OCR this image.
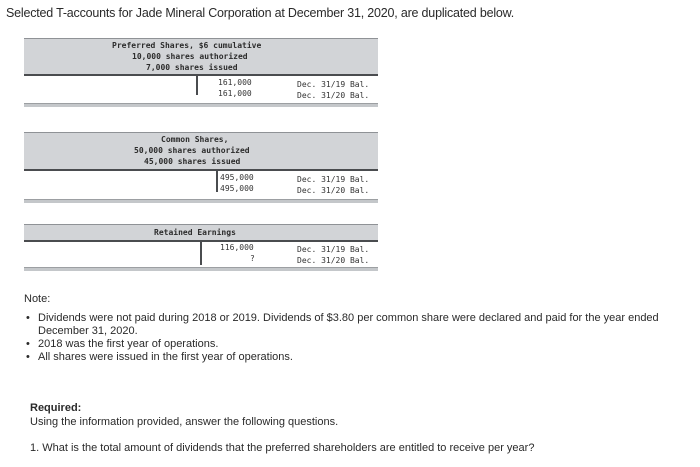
Selected T-accounts for Jade Mineral Corporation at December 31, 2020, are duplicated below.
Preferred Shares, $6 cumulative
10,000 shares authorized
7,000 shares issued
161,000
161,000
Dec. 31/19 Bal.
Dec. 31/20 Bal.
Common Shares,
50,000 shares authorized
45,000 shares issued
495,000
495,000
Dec. 31/19 Bal.
Dec. 31/20 Bal.
Retained Earnings
116,000
?
Dec. 31/19 Bal.
Dec. 31/20 Bal.
Note:
• Dividends were not paid during 2018 or 2019. Dividends of $3.80 per common share were declared and paid for the year ended December 31, 2020.
• 2018 was the first year of operations.
• All shares were issued in the first year of operations.
Required:
Using the information provided, answer the following questions.
1. What is the total amount of dividends that the preferred shareholders are entitled to receive per year?
